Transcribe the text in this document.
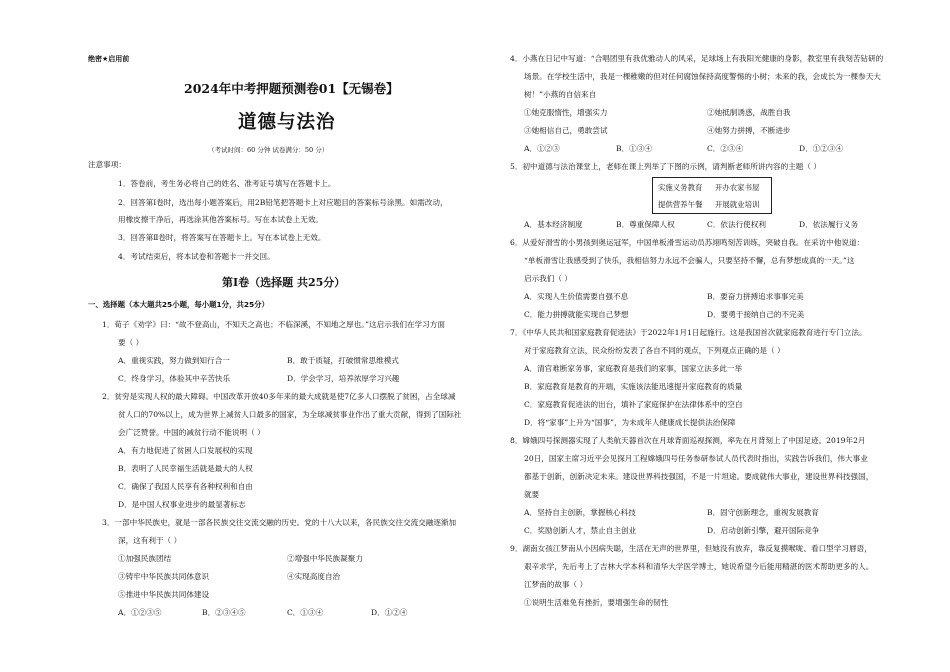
绝密★启用前
2024年中考押题预测卷01【无锡卷】
道德与法治
（考试时间：60 分钟 试卷满分：50 分）
注意事项：
1．答卷前，考生务必将自己的姓名、准考证号填写在答题卡上。
2．回答第Ⅰ卷时，选出每小题答案后，用2B铅笔把答题卡上对应题目的答案标号涂黑。如需改动，
用橡皮擦干净后，再选涂其他答案标号。写在本试卷上无效。
3．回答第Ⅱ卷时，将答案写在答题卡上。写在本试卷上无效。
4．考试结束后，将本试卷和答题卡一并交回。
第Ⅰ卷（选择题 共25分）
一、选择题（本大题共25小题，每小题1分，共25分）
1．荀子《劝学》曰：“故不登高山，不知天之高也；不临深溪，不知地之厚也。”这启示我们在学习方面
要（ ）
A．重视实践，努力做到知行合一	B．敢于质疑，打破惯常思维模式
C．终身学习，体验其中辛苦快乐	D．学会学习，培养浓厚学习兴趣
2．贫穷是实现人权的最大障碍。中国改革开放40多年来的最大成就是使7亿多人口摆脱了贫困，占全球减
贫人口的70%以上，成为世界上减贫人口最多的国家，为全球减贫事业作出了重大贡献，得到了国际社
会广泛赞誉。中国的减贫行动不能说明（ ）
A．有力地促进了贫困人口发展权的实现
B．表明了人民幸福生活就是最大的人权
C．确保了我国人民享有各种权利和自由
D．是中国人权事业进步的最显著标志
3．一部中华民族史，就是一部各民族交往交流交融的历史。党的十八大以来，各民族交往交流交融逐渐加
深，这有利于（ ）
①加强民族团结	②增强中华民族凝聚力
③铸牢中华民族共同体意识	④实现高度自治
⑤推进中华民族共同体建设
A．①②③⑤	B．②③④⑤	C．①③④	D．①②④
4．小燕在日记中写道：“合唱团里有我优雅动人的风采，足球场上有我阳光健康的身影，教室里有我刻苦钻研的
场景。在学校生活中，我是一棵稚嫩的但对任何腐蚀保持高度警惕的小树；未来的我，会成长为一棵参天大
树！”小燕的自信来自
①她克服惰性，增强实力	②她抵制诱惑，战胜自我
③她相信自己，勇敢尝试	④她努力拼搏，不断进步
A．①②③	B．①③④	C．②③④	D．①②③④
5．初中道德与法治课堂上，老师在课上列举了下图的示例，请判断老师所讲内容的主题（ ）
实施义务教育 开办农家书屋
提供营养午餐 开展就业培训
A．基本经济制度	B．尊重保障人权	C．依法行使权利	D．依法履行义务
6．从爱好滑雪的小男孩到奥运冠军，中国单板滑雪运动员苏翊鸣刻苦训练，突破自我。在采访中他说道：
“单板滑雪让我感受到了快乐，我相信努力永远不会骗人，只要坚持不懈，总有梦想成真的一天。”这
启示我们（ ）
A．实现人生价值需要自强不息	B．要奋力拼搏追求事事完美
C．能力拼搏就能实现自己梦想	D．要勇于接纳自己的不完美
7．《中华人民共和国家庭教育促进法》于2022年1月1日起施行。这是我国首次就家庭教育进行专门立法。
对于家庭教育立法，民众纷纷发表了各自不同的观点，下列观点正确的是（ ）
A．清官难断家务事，家庭教育是我们的家事，国家立法多此一举
B．家庭教育是教育的开端，实施该法能迅速提升家庭教育的质量
C．家庭教育促进法的出台，填补了家庭保护在法律体系中的空白
D．将“家事”上升为“国事”，为未成年人健康成长提供法治保障
8．嫦娥四号探测器实现了人类航天器首次在月球背面巡视探测，率先在月背刻上了中国足迹。2019年2月
20日，国家主席习近平会见探月工程嫦娥四号任务参研参试人员代表时指出，实践告诉我们，伟大事业
都基于创新，创新决定未来。建设世界科技强国，不是一片坦途。要成就伟大事业，建设世界科技强国，
就要
A．坚持自主创新，掌握核心科技	B．固守创新理念，重视发展教育
C．奖励创新人才，禁止自主创业	D．启动创新引擎，避开国际竞争
9．湖南女孩江梦南从小因病失聪，生活在无声的世界里，但她没有放弃，靠反复摸喉咙、看口型学习唇语，
艰辛求学，先后考上了吉林大学本科和清华大学医学博士，她说希望今后能用精湛的医术帮助更多的人。
江梦南的故事（ ）
①说明生活难免有挫折，要增强生命的韧性
